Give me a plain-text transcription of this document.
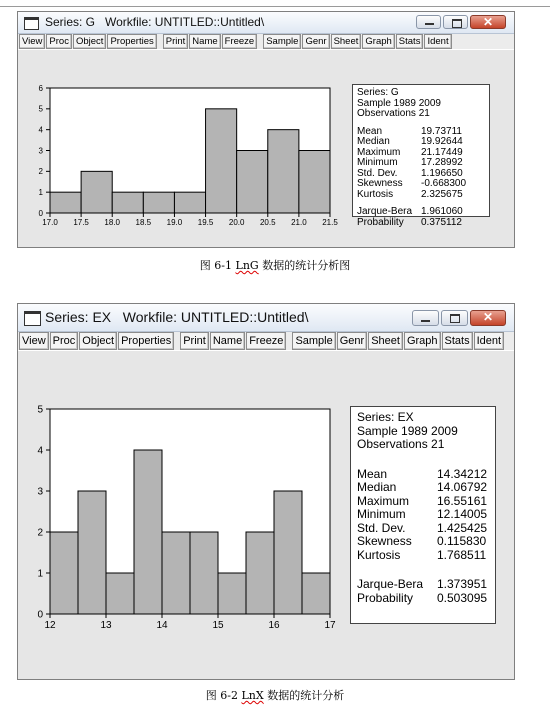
Series: G   Workfile: UNTITLED::Untitled\	✕
View Proc Object Properties	Print Name Freeze	Sample Genr Sheet Graph Stats Ident
0
1
2
3
4
5
6
17.0 17.5 18.0 18.5 19.0 19.5 20.0 20.5 21.0 21.5
Series: G
Sample 1989 2009
Observations 21
Mean	19.73711
Median	19.92644
Maximum	21.17449
Minimum	17.28992
Std. Dev.	1.196650
Skewness	-0.668300
Kurtosis	2.325675
Jarque-Bera 1.961060
Probability	0.375112
图 6-1 LnG 数据的统计分析图
Series: EX   Workfile: UNTITLED::Untitled\	✕
View Proc Object Properties Print Name Freeze Sample Genr Sheet Graph Stats Ident
0
1
2
3
4
5
12	13	14	15	16	17
Series: EX
Sample 1989 2009
Observations 21
Mean	14.34212
Median	14.06792
Maximum	16.55161
Minimum	12.14005
Std. Dev.	1.425425
Skewness	0.115830
Kurtosis	1.768511
Jarque-Bera	1.373951
Probability	0.503095
图 6-2 LnX 数据的统计分析
